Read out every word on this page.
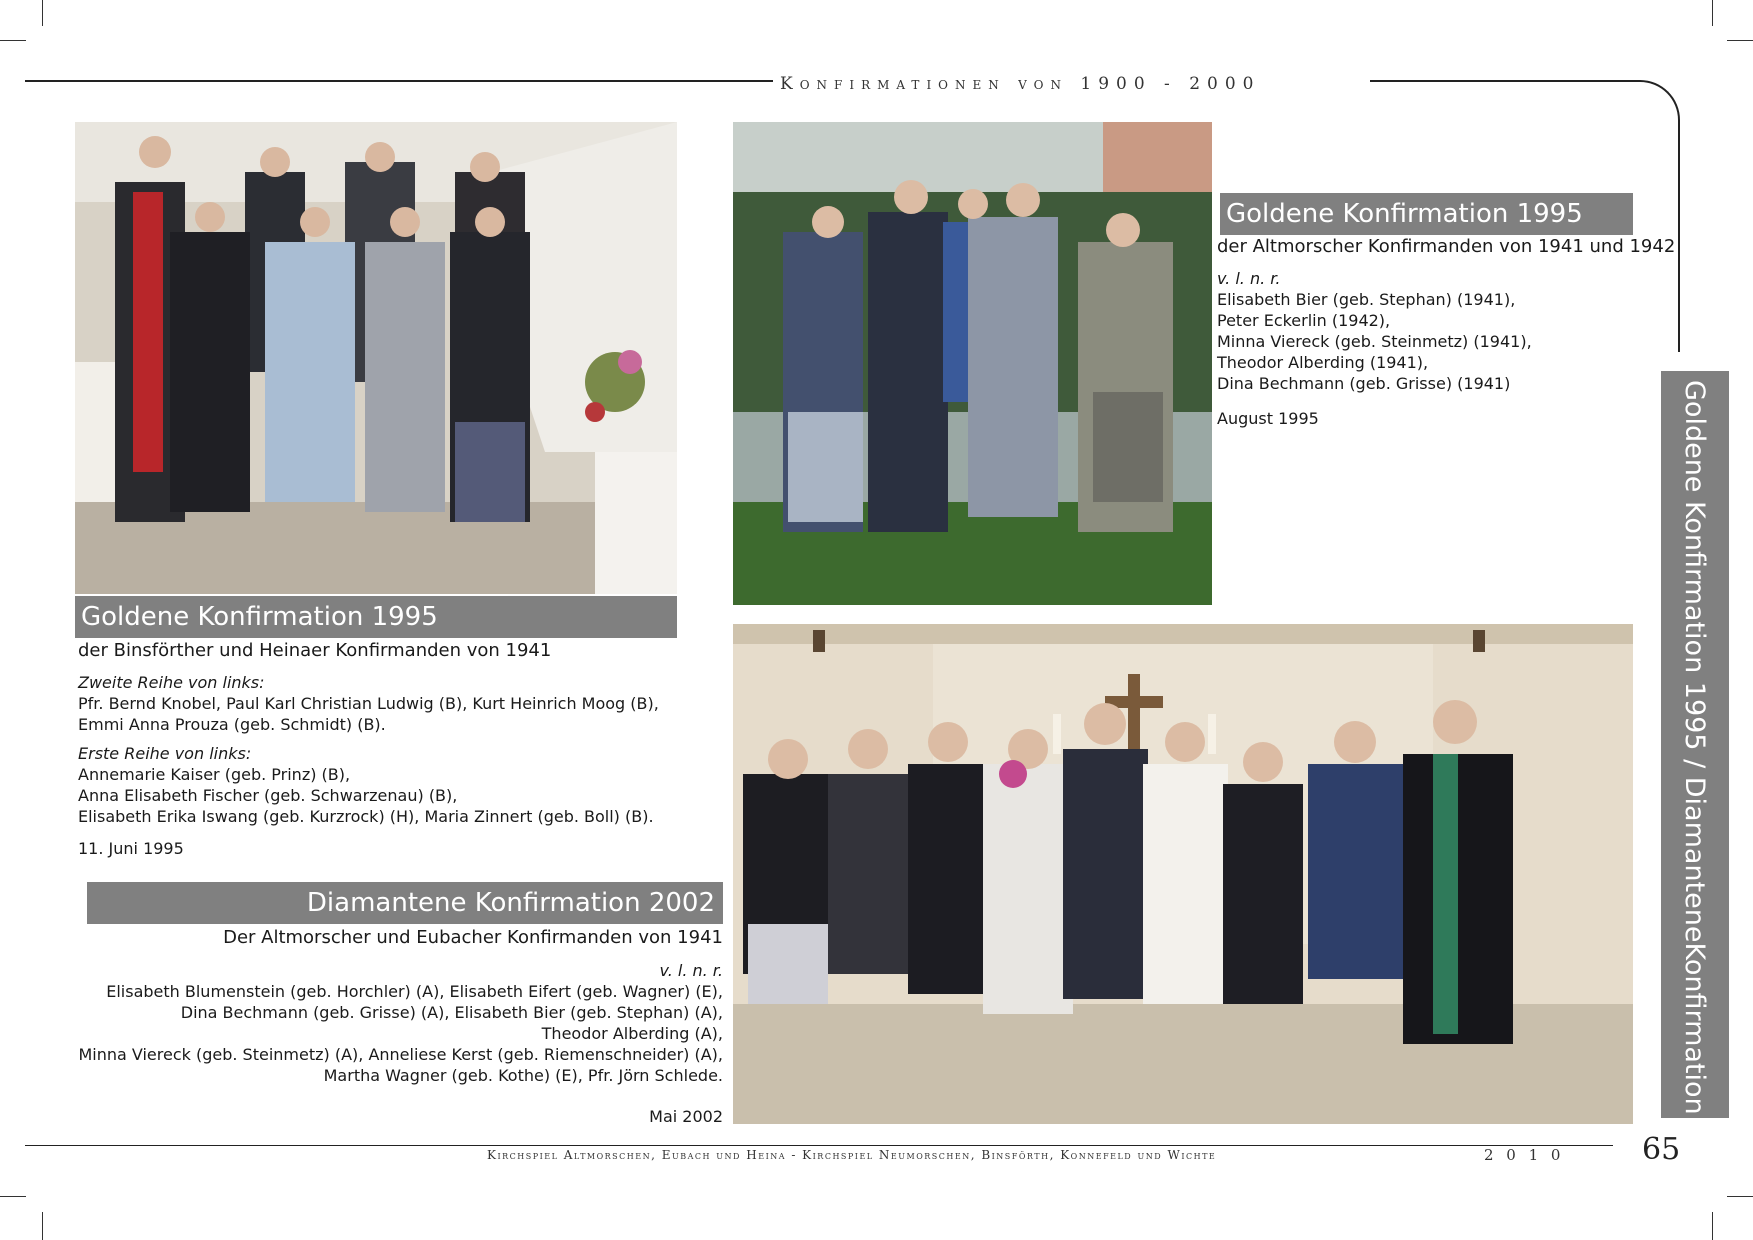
Konfirmationen von 1900 - 2000
Goldene Konfirmation 1995
der Binsförther und Heinaer Konfirmanden von 1941
Zweite Reihe von links:
Pfr. Bernd Knobel, Paul Karl Christian Ludwig (B), Kurt Heinrich Moog (B),
Emmi Anna Prouza (geb. Schmidt) (B).
Erste Reihe von links:
Annemarie Kaiser (geb. Prinz) (B),
Anna Elisabeth Fischer (geb. Schwarzenau) (B),
Elisabeth Erika Iswang (geb. Kurzrock) (H), Maria Zinnert (geb. Boll) (B).
11. Juni 1995
Goldene Konfirmation 1995
der Altmorscher Konfirmanden von 1941 und 1942
v. l. n. r.
Elisabeth Bier (geb. Stephan) (1941),
Peter Eckerlin (1942),
Minna Viereck (geb. Steinmetz) (1941),
Theodor Alberding (1941),
Dina Bechmann (geb. Grisse) (1941)
August 1995
Diamantene Konfirmation 2002
Der Altmorscher und Eubacher Konfirmanden von 1941
v. l. n. r.
Elisabeth Blumenstein (geb. Horchler) (A), Elisabeth Eifert (geb. Wagner) (E),
Dina Bechmann (geb. Grisse) (A), Elisabeth Bier (geb. Stephan) (A),
Theodor Alberding (A),
Minna Viereck (geb. Steinmetz) (A), Anneliese Kerst (geb. Riemenschneider) (A),
Martha Wagner (geb. Kothe) (E), Pfr. Jörn Schlede.
Mai 2002	Goldene Konfirmation 1995 / DiamanteneKonfirmation 2002
Kirchspiel Altmorschen, Eubach und Heina - Kirchspiel Neumorschen, Binsförth, Konnefeld und Wichte	2 0 1 0	65
